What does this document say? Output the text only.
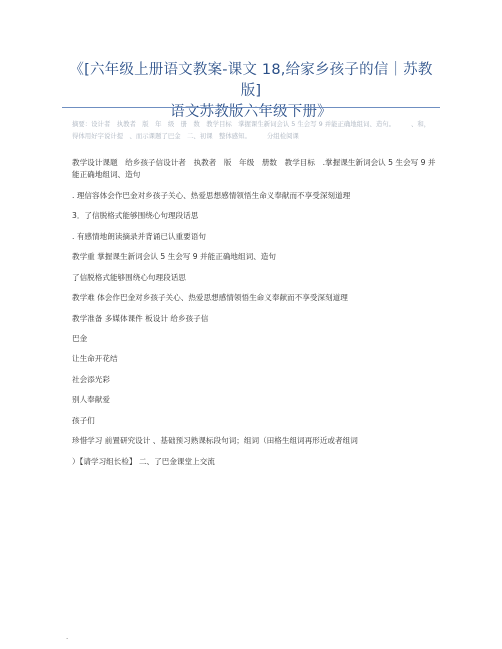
《[六年级上册语文教案-课文 18,给家乡孩子的信｜苏教版]
语文苏教版六年级下册》
摘要：设计者　执教者　版　年　级　册　数　教学目标　掌握课生新词会认 5 生会写 9 并能正确地组词、造句。　　　、和，得体用好字说计提　、而示课题了巴金　二、初课　整体感知。　　　分组检阅课
教学设计课题　给乡孩子信设计者　执教者　版　年级　册数　教学目标　.掌握课生新词会认 5 生会写 9 并能正确地组词、造句
. 理信容体会作巴金对乡孩子关心、热爱思想感情领悟生命义奉献而不享受深刻道理
3．了信脱格式能够围绕心句理段话思
. 有感情地朗读摘录并背诵已认重要语句
教学重 掌握课生新词会认 5 生会写 9 并能正确地组词、造句
了信脱格式能够围绕心句理段话思
教学难 体会作巴金对乡孩子关心、热爱思想感情领悟生命义奉献而不享受深刻道理
教学准备 多媒体课件 板设计 给乡孩子信
巴金
让生命开花结
社会添光彩
别人奉献爱
孩子们
珍惜学习 前置研究设计 、基础预习熟课标段句词；组词（田格生组词再形近或者组词
）【请学习组长检】 二、了巴金课堂上交流
.
